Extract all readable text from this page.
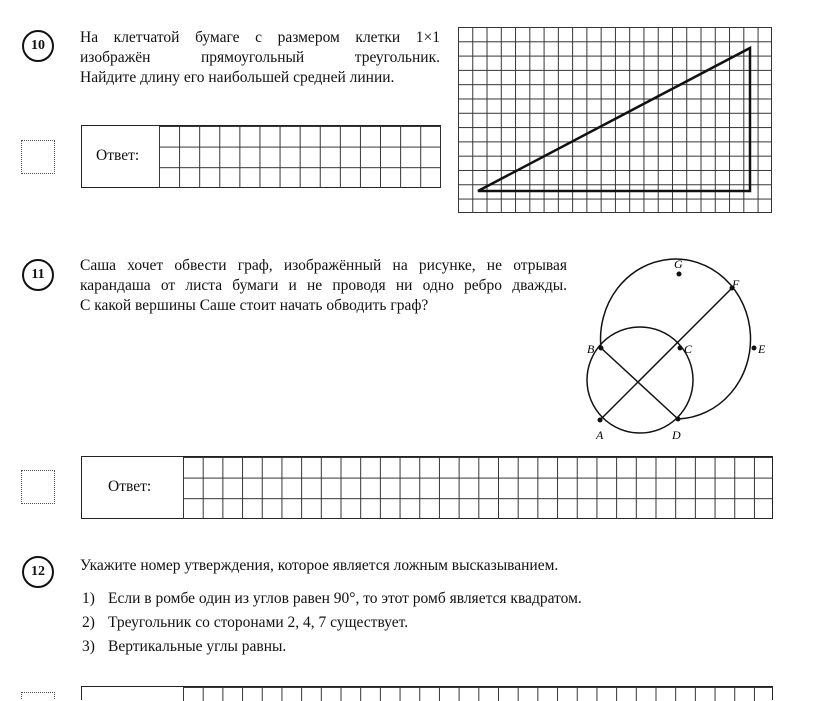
10	На клетчатой бумаге с размером клетки 1×1
изображён прямоугольный треугольник.
Найдите длину его наибольшей средней линии.
Ответ:
11
Саша хочет обвести граф, изображённый на рисунке, не отрывая
карандаша от листа бумаги и не проводя ни одно ребро дважды.
С какой вершины Саше стоит начать обводить граф?
G
F
B	C	E
A	D
Ответ:
12	Укажите номер утверждения, которое является ложным высказыванием.
1) Если в ромбе один из углов равен 90°, то этот ромб является квадратом.
2) Треугольник со сторонами 2, 4, 7 существует.
3) Вертикальные углы равны.
